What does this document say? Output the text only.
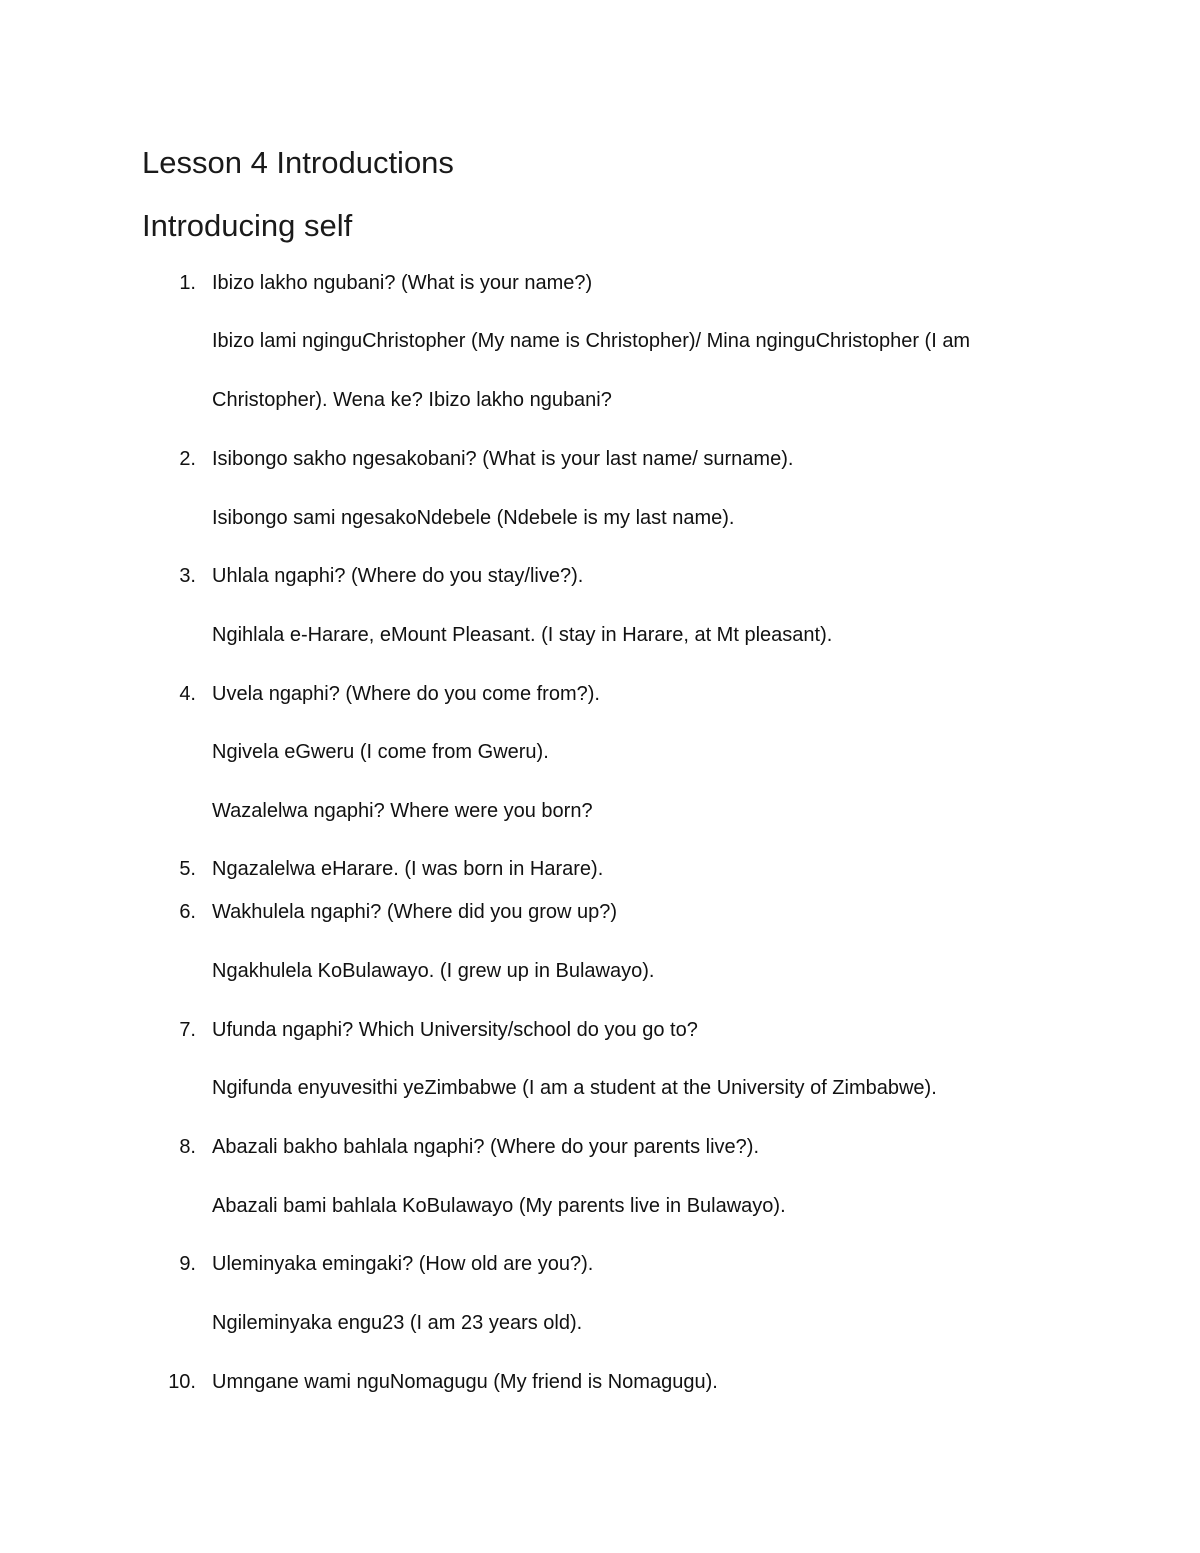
Lesson 4 Introductions
Introducing self
1. Ibizo lakho ngubani? (What is your name?)
Ibizo lami ngingu​Christopher (My name is Christopher)/ Mina ngingu​Christopher (I am
Christopher). Wena ke? Ibizo lakho ngubani?
2. Isibongo sakho ngesakobani? (What is your last name/ surname).
Isibongo sami ngesako​Ndebele (Ndebele is my last name).
3. Uhlala ngaphi? (Where do you stay/live?).
Ngihlala e-Harare, eMount Pleasant. (I stay in Harare, at Mt pleasant).
4. Uvela ngaphi? (Where do you come from?).
Ngivela eGweru (I come from Gweru).
Wazalelwa ngaphi? Where were you born?
5. Ngazalelwa eHarare. (I was born in Harare).
6. Wakhulela ngaphi? (Where did you grow up?)
Ngakhulela KoBulawayo. (I grew up in Bulawayo).
7. Ufunda ngaphi? Which University/school do you go to?
Ngifunda enyuvesithi yeZimbabwe (I am a student at the University of Zimbabwe).
8. Abazali bakho bahlala ngaphi? (Where do your parents live?).
Abazali bami bahlala KoBulawayo (My parents live in Bulawayo).
9. Uleminyaka emingaki? (How old are you?).
Ngileminyaka engu23 (I am 23 years old).
10. Umngane wami ngu​Nomagugu (My friend is Nomagugu).
